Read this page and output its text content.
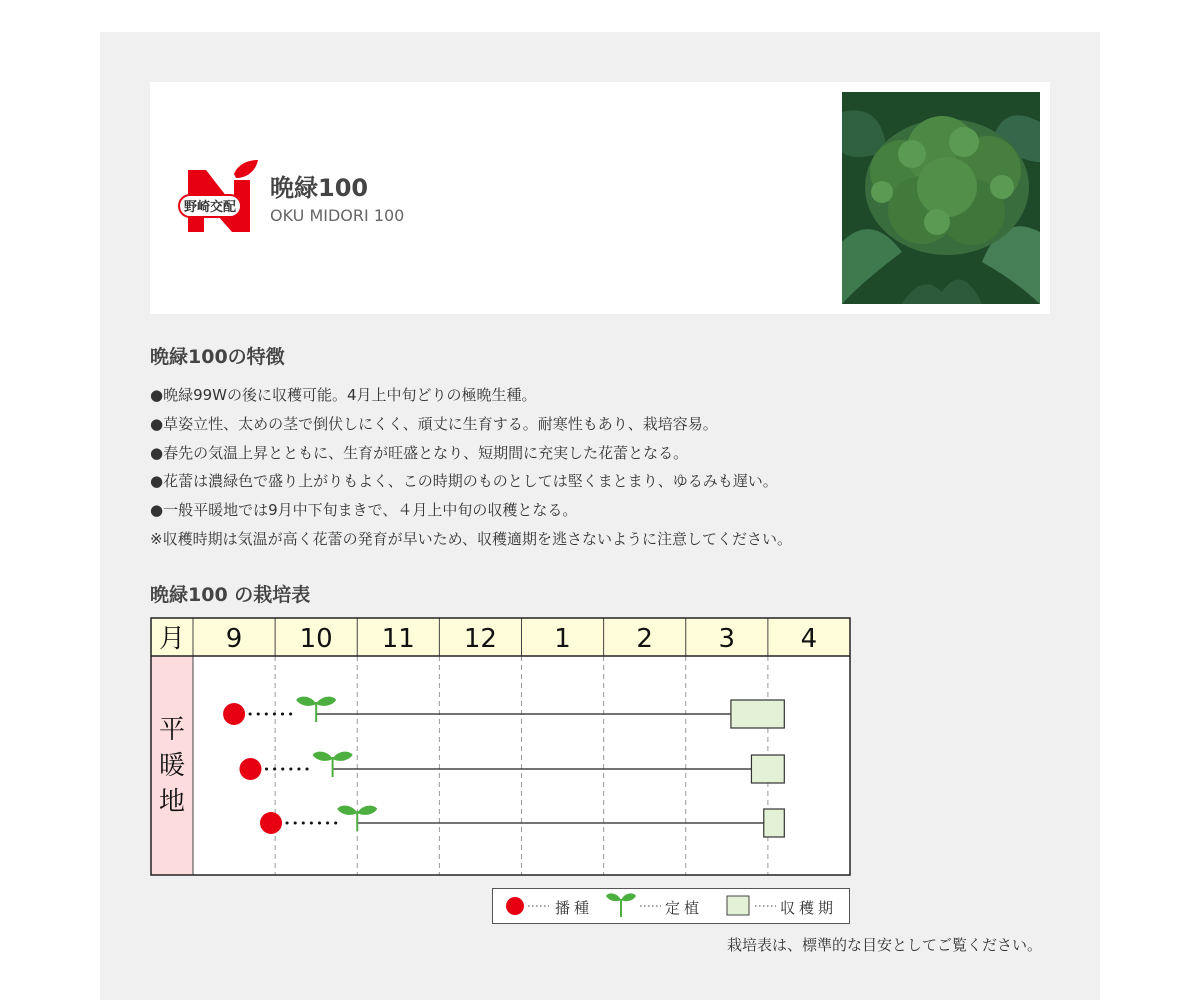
野崎交配
晩緑100
OKU MIDORI 100
晩緑100の特徴
●晩緑99Wの後に収穫可能。4月上中旬どりの極晩生種。
●草姿立性、太めの茎で倒伏しにくく、頑丈に生育する。耐寒性もあり、栽培容易。
●春先の気温上昇とともに、生育が旺盛となり、短期間に充実した花蕾となる。
●花蕾は濃緑色で盛り上がりもよく、この時期のものとしては堅くまとまり、ゆるみも遅い。
●一般平暖地では9月中下旬まきで、４月上中旬の収穫となる。
※収穫時期は気温が高く花蕾の発育が早いため、収穫適期を逃さないように注意してください。
晩緑100 の栽培表
月 9 10 11 12 1	2	3	4
平
暖
地
播種	定植	収穫期
栽培表は、標準的な目安としてご覧ください。
